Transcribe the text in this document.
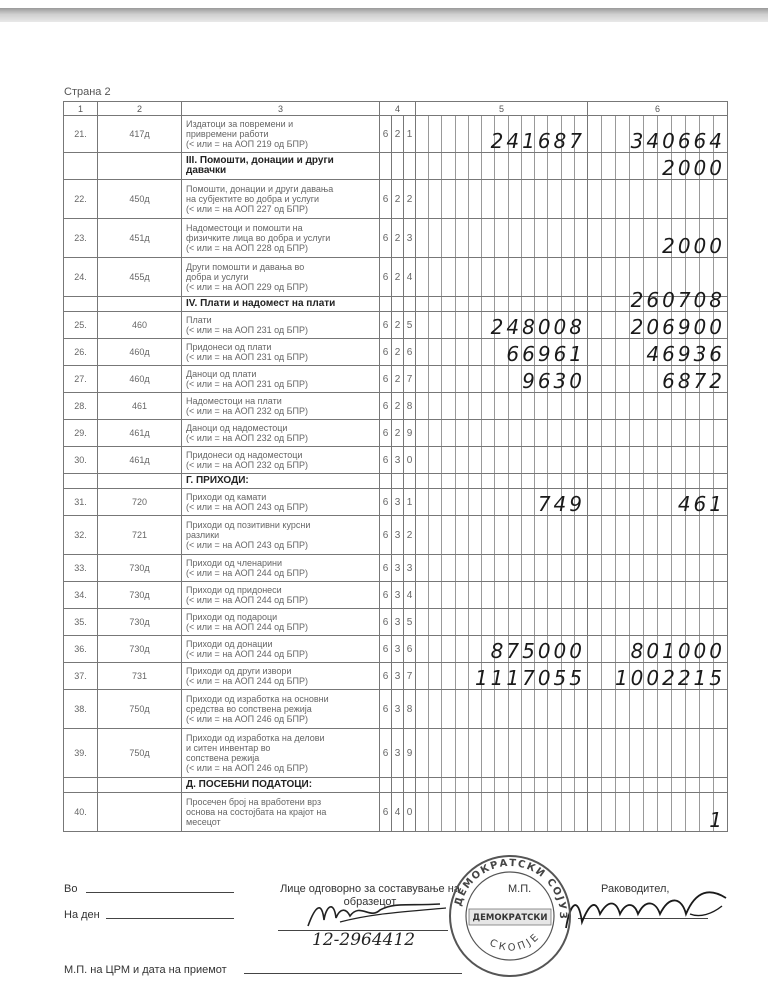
Страна 2
1	2	3	4			5	6
21.	417д	Издатоци за повремени и
привремени работи
(< или = на АОП 219 од БПР)	6	2	1	241687	340664

		III. Помошти, донации и други
давачки					2000

22.	450д	Помошти, донации и други давања
на субјектите во добра и услуги
(< или = на АОП 227 од БПР)	6	2	2	

23.	451д	Надоместоци и помошти на
физичките лица во добра и услуги
(< или = на АОП 228 од БПР)	6	2	3		2000

24.	455д	Други помошти и давања во
добра и услуги
(< или = на АОП 229 од БПР)	6	2	4	

		IV. Плати и надомест на плати					260708

25.	460	Плати
(< или = на АОП 231 од БПР)	6	2	5	248008	206900

26.	460д	Придонеси од плати
(< или = на АОП 231 од БПР)	6	2	6	66961	46936

27.	460д	Даноци од плати
(< или = на АОП 231 од БПР)	6	2	7	9630	6872

28.	461	Надоместоци на плати
(< или = на АОП 232 од БПР)	6	2	8	

29.	461д	Даноци од надоместоци
(< или = на АОП 232 од БПР)	6	2	9	

30.	461д	Придонеси од надоместоци
(< или = на АОП 232 од БПР)	6	3	0	

		Г. ПРИХОДИ:					

31.	720	Приходи од камати
(< или = на АОП 243 од БПР)	6	3	1	749	461

32.	721	Приходи од позитивни курсни
разлики
(< или = на АОП 243 од БПР)	6	3	2	

33.	730д	Приходи од членарини
(< или = на АОП 244 од БПР)	6	3	3	

34.	730д	Приходи од придонеси
(< или = на АОП 244 од БПР)	6	3	4	

35.	730д	Приходи од подароци
(< или = на АОП 244 од БПР)	6	3	5	

36.	730д	Приходи од донации
(< или = на АОП 244 од БПР)	6	3	6	875000	801000

37.	731	Приходи од други извори
(< или = на АОП 244 од БПР)	6	3	7	1117055	1002215

38.	750д	Приходи од изработка на основни
средства во сопствена режија
(< или = на АОП 246 од БПР)	6	3	8	

39.	750д	Приходи од изработка на делови
и ситен инвентар во
сопствена режија
(< или = на АОП 246 од БПР)	6	3	9	

		Д. ПОСЕБНИ ПОДАТОЦИ:					

40.		Просечен број на вработени врз
основа на состојбата на крајот на
месецот	6	4	0		1
Во
На ден
Лице одговорно за составување на образецот
М.П.	Раководител,
М.П. на ЦРМ и дата на приемот
12-2964412
ДЕМОКРАТСКИ СОЈУЗ
ДЕМОКРАТСКИ
СКОПЈЕ
